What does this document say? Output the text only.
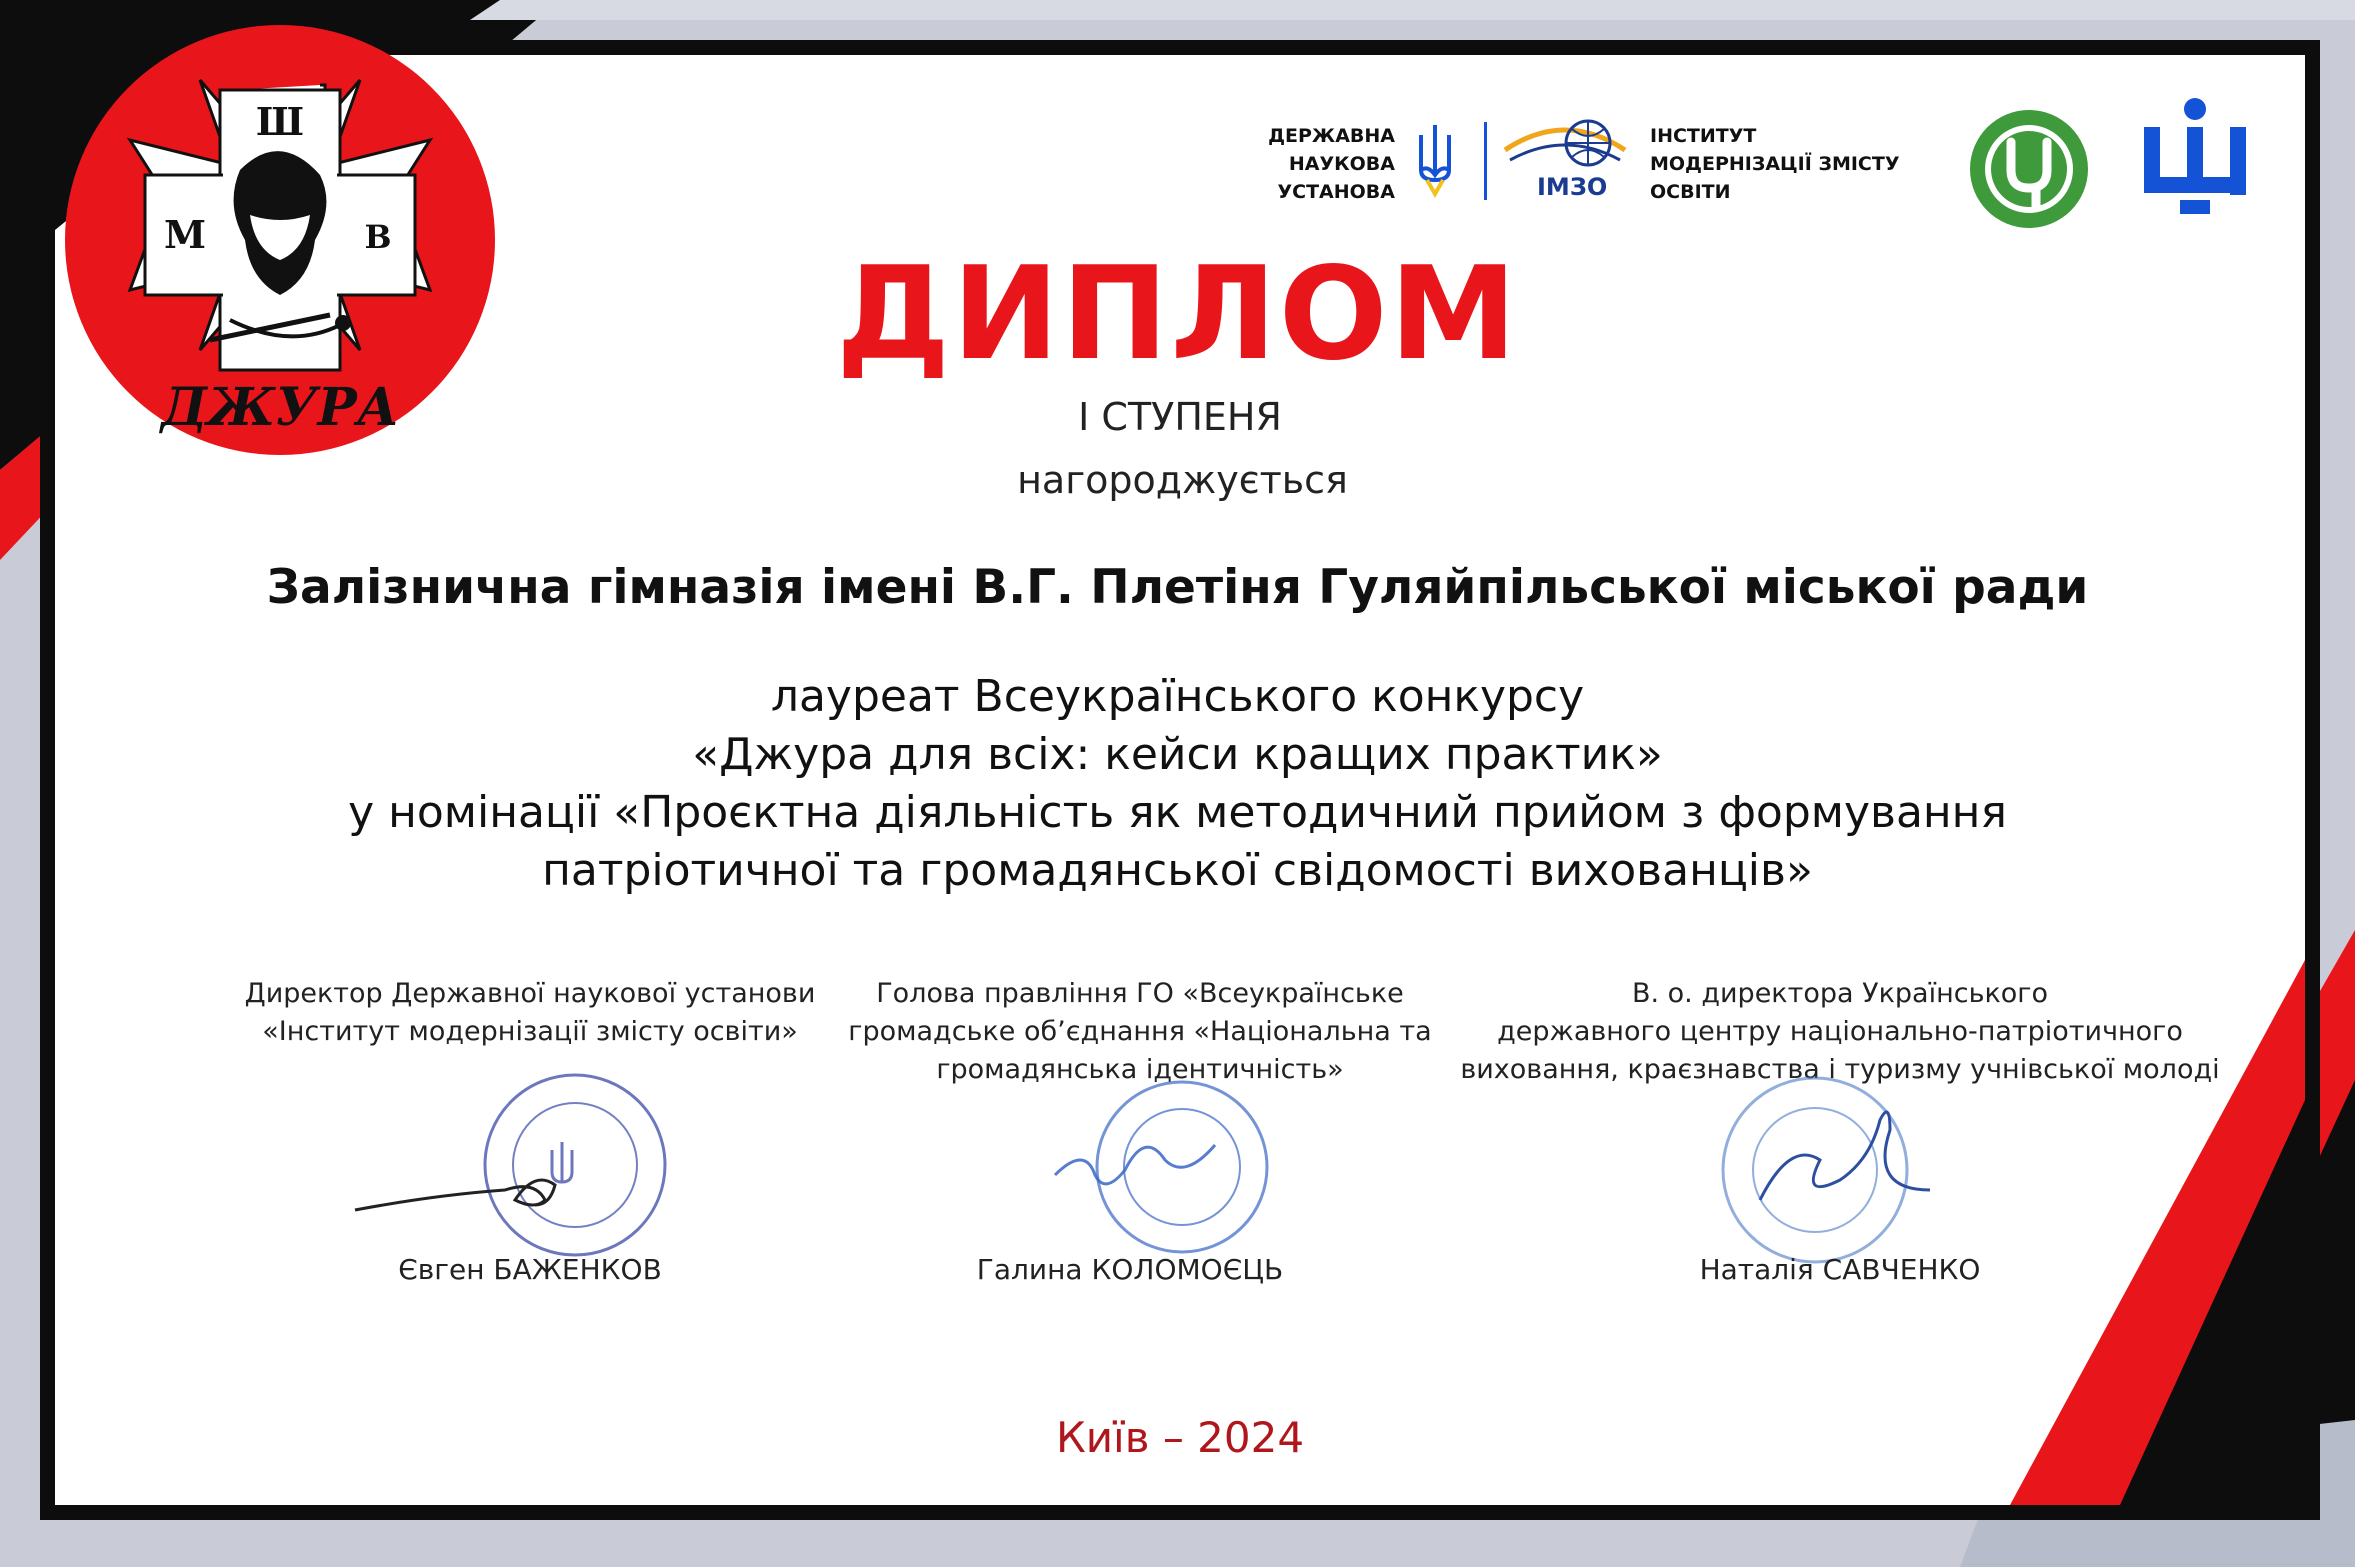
Ш
М	В
ДЖУРА
ДЕРЖАВНА
НАУКОВА
УСТАНОВА	ІМЗО
ІНСТИТУТ
МОДЕРНІЗАЦІЇ ЗМІСТУ
ОСВІТИ
ДИПЛОМ
І СТУПЕНЯ
нагороджується
Залізнична гімназія імені В.Г. Плетіня Гуляйпільської міської ради
лауреат Всеукраїнського конкурсу
«Джура для всіх: кейси кращих практик»
у номінації «Проєктна діяльність як методичний прийом з формування
патріотичної та громадянської свідомості вихованців»
Директор Державної наукової установи
«Інститут модернізації змісту освіти»
Голова правління ГО «Всеукраїнське
громадське об’єднання «Національна та
громадянська ідентичність»
В. о. директора Українського
державного центру національно-патріотичного
виховання, краєзнавства і туризму учнівської молоді
Євген БАЖЕНКОВ	Галина КОЛОМОЄЦЬ	Наталія САВЧЕНКО
Київ – 2024
